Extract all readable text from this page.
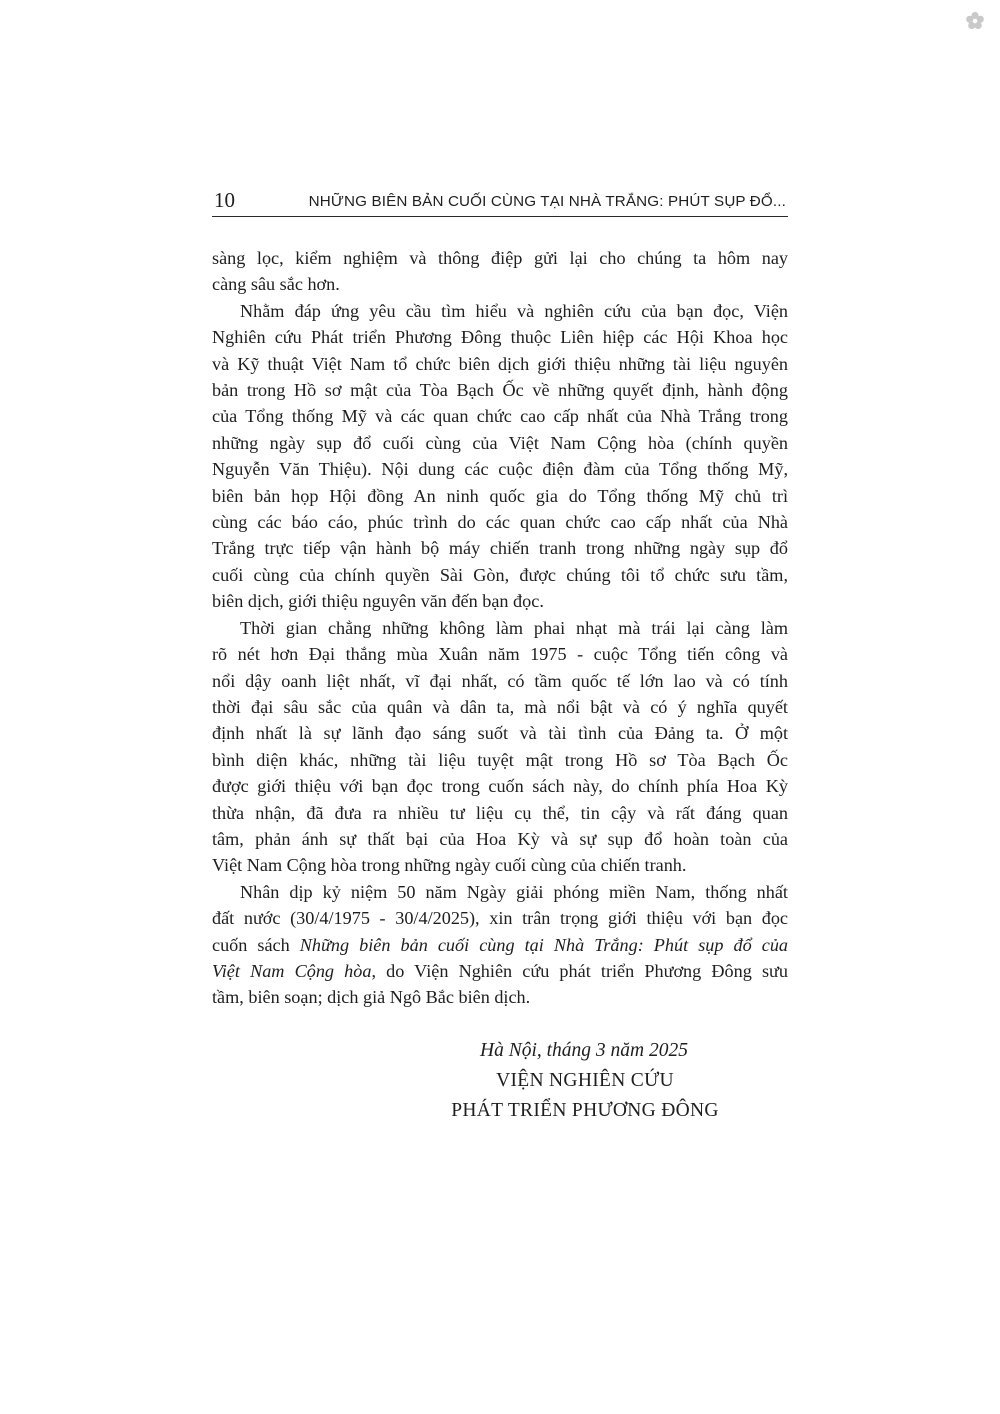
10	NHỮNG BIÊN BẢN CUỐI CÙNG TẠI NHÀ TRẮNG: PHÚT SỤP ĐỔ...
sàng lọc, kiểm nghiệm và thông điệp gửi lại cho chúng ta hôm nay
càng sâu sắc hơn.
Nhằm đáp ứng yêu cầu tìm hiểu và nghiên cứu của bạn đọc, Viện
Nghiên cứu Phát triển Phương Đông thuộc Liên hiệp các Hội Khoa học
và Kỹ thuật Việt Nam tổ chức biên dịch giới thiệu những tài liệu nguyên
bản trong Hồ sơ mật của Tòa Bạch Ốc về những quyết định, hành động
của Tổng thống Mỹ và các quan chức cao cấp nhất của Nhà Trắng trong
những ngày sụp đổ cuối cùng của Việt Nam Cộng hòa (chính quyền
Nguyễn Văn Thiệu). Nội dung các cuộc điện đàm của Tổng thống Mỹ,
biên bản họp Hội đồng An ninh quốc gia do Tổng thống Mỹ chủ trì
cùng các báo cáo, phúc trình do các quan chức cao cấp nhất của Nhà
Trắng trực tiếp vận hành bộ máy chiến tranh trong những ngày sụp đổ
cuối cùng của chính quyền Sài Gòn, được chúng tôi tổ chức sưu tầm,
biên dịch, giới thiệu nguyên văn đến bạn đọc.
Thời gian chẳng những không làm phai nhạt mà trái lại càng làm
rõ nét hơn Đại thắng mùa Xuân năm 1975 - cuộc Tổng tiến công và
nổi dậy oanh liệt nhất, vĩ đại nhất, có tầm quốc tế lớn lao và có tính
thời đại sâu sắc của quân và dân ta, mà nổi bật và có ý nghĩa quyết
định nhất là sự lãnh đạo sáng suốt và tài tình của Đảng ta. Ở một
bình diện khác, những tài liệu tuyệt mật trong Hồ sơ Tòa Bạch Ốc
được giới thiệu với bạn đọc trong cuốn sách này, do chính phía Hoa Kỳ
thừa nhận, đã đưa ra nhiều tư liệu cụ thể, tin cậy và rất đáng quan
tâm, phản ánh sự thất bại của Hoa Kỳ và sự sụp đổ hoàn toàn của
Việt Nam Cộng hòa trong những ngày cuối cùng của chiến tranh.
Nhân dịp kỷ niệm 50 năm Ngày giải phóng miền Nam, thống nhất
đất nước (30/4/1975 - 30/4/2025), xin trân trọng giới thiệu với bạn đọc
cuốn sách Những biên bản cuối cùng tại Nhà Trắng: Phút sụp đổ của
Việt Nam Cộng hòa, do Viện Nghiên cứu phát triển Phương Đông sưu
tầm, biên soạn; dịch giả Ngô Bắc biên dịch.
Hà Nội, tháng 3 năm 2025
VIỆN NGHIÊN CỨU
PHÁT TRIỂN PHƯƠNG ĐÔNG
